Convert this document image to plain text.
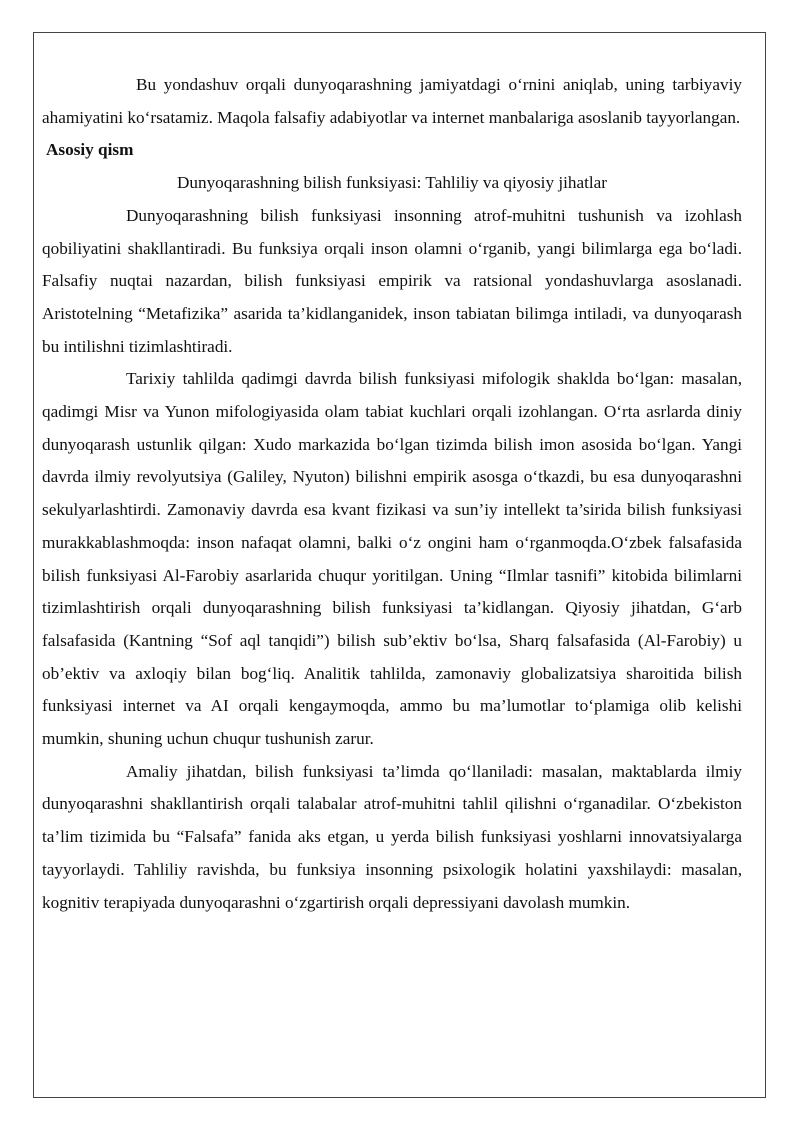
Bu yondashuv orqali dunyoqarashning jamiyatdagi o‘rnini aniqlab, uning tarbiyaviy ahamiyatini ko‘rsatamiz. Maqola falsafiy adabiyotlar va internet manbalariga asoslanib tayyorlangan.

Asosiy qism
Dunyoqarashning bilish funksiyasi: Tahliliy va qiyosiy jihatlar

Dunyoqarashning bilish funksiyasi insonning atrof-muhitni tushunish va izohlash qobiliyatini shakllantiradi. Bu funksiya orqali inson olamni o‘rganib, yangi bilimlarga ega bo‘ladi. Falsafiy nuqtai nazardan, bilish funksiyasi empirik va ratsional yondashuvlarga asoslanadi. Aristotelning “Metafizika” asarida ta’kidlanganidek, inson tabiatan bilimga intiladi, va dunyoqarash bu intilishni tizimlashtiradi.

Tarixiy tahlilda qadimgi davrda bilish funksiyasi mifologik shaklda bo‘lgan: masalan, qadimgi Misr va Yunon mifologiyasida olam tabiat kuchlari orqali izohlangan. O‘rta asrlarda diniy dunyoqarash ustunlik qilgan: Xudo markazida bo‘lgan tizimda bilish imon asosida bo‘lgan. Yangi davrda ilmiy revolyutsiya (Galiley, Nyuton) bilishni empirik asosga o‘tkazdi, bu esa dunyoqarashni sekulyarlashtirdi. Zamonaviy davrda esa kvant fizikasi va sun’iy intellekt ta’sirida bilish funksiyasi murakkablashmoqda: inson nafaqat olamni, balki o‘z ongini ham o‘rganmoqda.O‘zbek falsafasida bilish funksiyasi Al-Farobiy asarlarida chuqur yoritilgan. Uning “Ilmlar tasnifi” kitobida bilimlarni tizimlashtirish orqali dunyoqarashning bilish funksiyasi ta’kidlangan. Qiyosiy jihatdan, G‘arb falsafasida (Kantning “Sof aql tanqidi”) bilish sub’ektiv bo‘lsa, Sharq falsafasida (Al-Farobiy) u ob’ektiv va axloqiy bilan bog‘liq. Analitik tahlilda, zamonaviy globalizatsiya sharoitida bilish funksiyasi internet va AI orqali kengaymoqda, ammo bu ma’lumotlar to‘plamiga olib kelishi mumkin, shuning uchun chuqur tushunish zarur.

Amaliy jihatdan, bilish funksiyasi ta’limda qo‘llaniladi: masalan, maktablarda ilmiy dunyoqarashni shakllantirish orqali talabalar atrof-muhitni tahlil qilishni o‘rganadilar. O‘zbekiston ta’lim tizimida bu “Falsafa” fanida aks etgan, u yerda bilish funksiyasi yoshlarni innovatsiyalarga tayyorlaydi. Tahliliy ravishda, bu funksiya insonning psixologik holatini yaxshilaydi: masalan, kognitiv terapiyada dunyoqarashni o‘zgartirish orqali depressiyani davolash mumkin.
